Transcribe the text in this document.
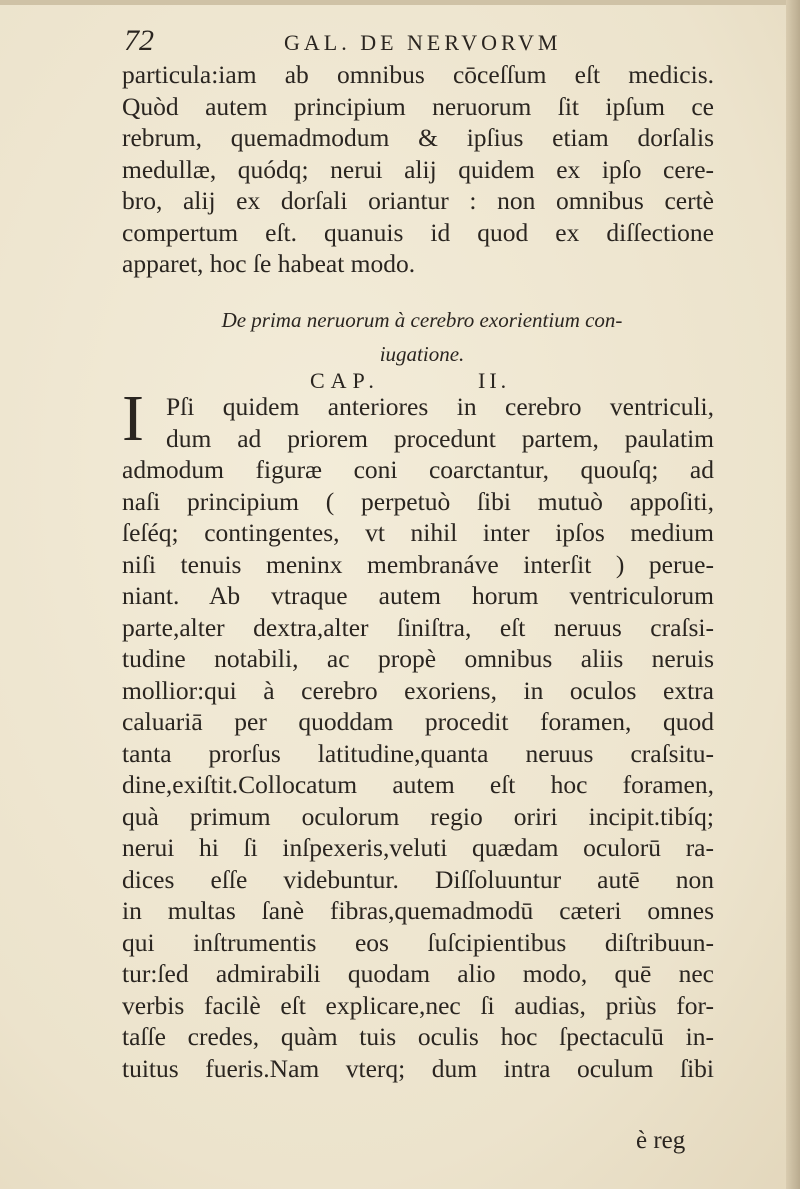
72	GAL. DE NERVORVM
particula:iam ab omnibus cōceſſum eſt medicis.
Quòd autem principium neruorum ſit ipſum ce
rebrum, quemadmodum & ipſius etiam dorſalis
medullæ, quódq; nerui alij quidem ex ipſo cere-
bro, alij ex dorſali oriantur : non omnibus certè
compertum eſt. quanuis id quod ex diſſectione
apparet, hoc ſe habeat modo.
De prima neruorum à cerebro exorientium con-
iugatione.
CAP.	II.
I Pſi quidem anteriores in cerebro ventriculi,
dum ad priorem procedunt partem, paulatim
admodum figuræ coni coarctantur, quouſq; ad
naſi principium ( perpetuò ſibi mutuò appoſiti,
ſeſéq; contingentes, vt nihil inter ipſos medium
niſi tenuis meninx membranáve interſit ) perue-
niant. Ab vtraque autem horum ventriculorum
parte,alter dextra,alter ſiniſtra, eſt neruus craſsi-
tudine notabili, ac propè omnibus aliis neruis
mollior:qui à cerebro exoriens, in oculos extra
caluariā per quoddam procedit foramen, quod
tanta prorſus latitudine,quanta neruus craſsitu-
dine,exiſtit.Collocatum autem eſt hoc foramen,
quà primum oculorum regio oriri incipit.tibíq;
nerui hi ſi inſpexeris,veluti quædam oculorū ra-
dices eſſe videbuntur. Diſſoluuntur autē non
in multas ſanè fibras,quemadmodū cæteri omnes
qui inſtrumentis eos ſuſcipientibus diſtribuun-
tur:ſed admirabili quodam alio modo, quē nec
verbis facilè eſt explicare,nec ſi audias, priùs for-
taſſe credes, quàm tuis oculis hoc ſpectaculū in-
tuitus fueris.Nam vterq; dum intra oculum ſibi
è reg
